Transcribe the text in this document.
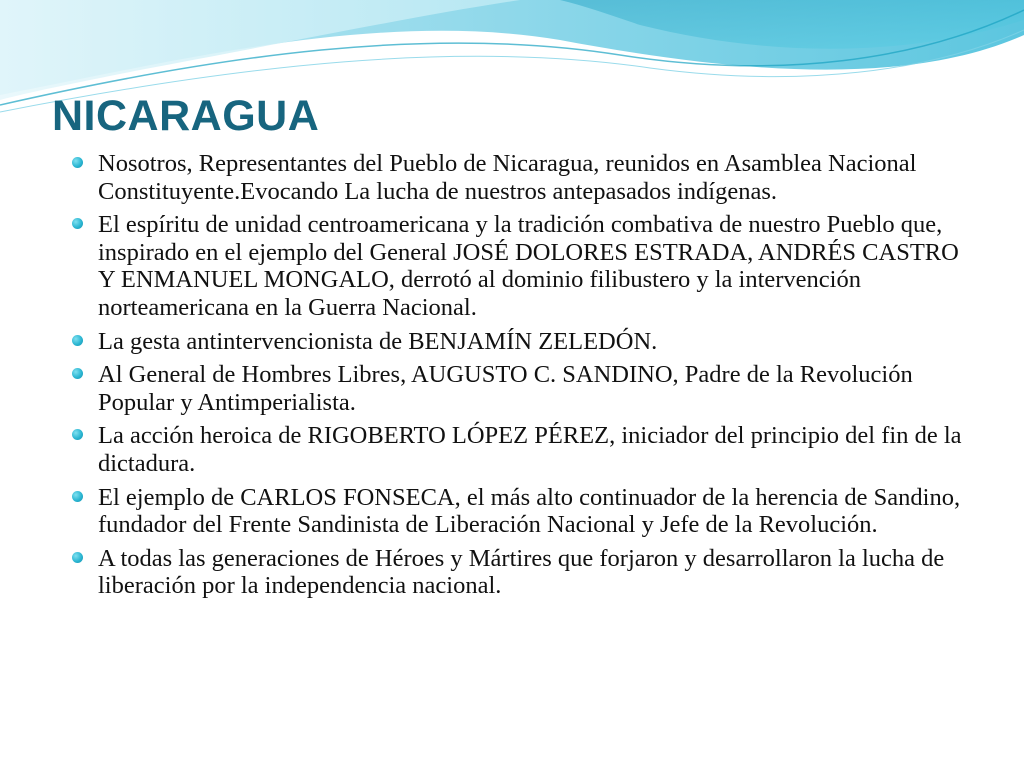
NICARAGUA
Nosotros, Representantes del Pueblo de Nicaragua, reunidos en Asamblea Nacional Constituyente.Evocando La lucha de nuestros antepasados indígenas.
El espíritu de unidad centroamericana y la tradición combativa de nuestro Pueblo que, inspirado en el ejemplo del General JOSÉ DOLORES ESTRADA, ANDRÉS CASTRO Y ENMANUEL MONGALO, derrotó al dominio filibustero y la intervención norteamericana en la Guerra Nacional.
La gesta antintervencionista de BENJAMÍN ZELEDÓN.
Al General de Hombres Libres, AUGUSTO C. SANDINO, Padre de la Revolución Popular y Antimperialista.
La acción heroica de RIGOBERTO LÓPEZ PÉREZ, iniciador del principio del fin de la dictadura.
El ejemplo de CARLOS FONSECA, el más alto continuador de la herencia de Sandino, fundador del Frente Sandinista de Liberación Nacional y Jefe de la Revolución.
A todas las generaciones de Héroes y Mártires que forjaron y desarrollaron la lucha de liberación por la independencia nacional.
